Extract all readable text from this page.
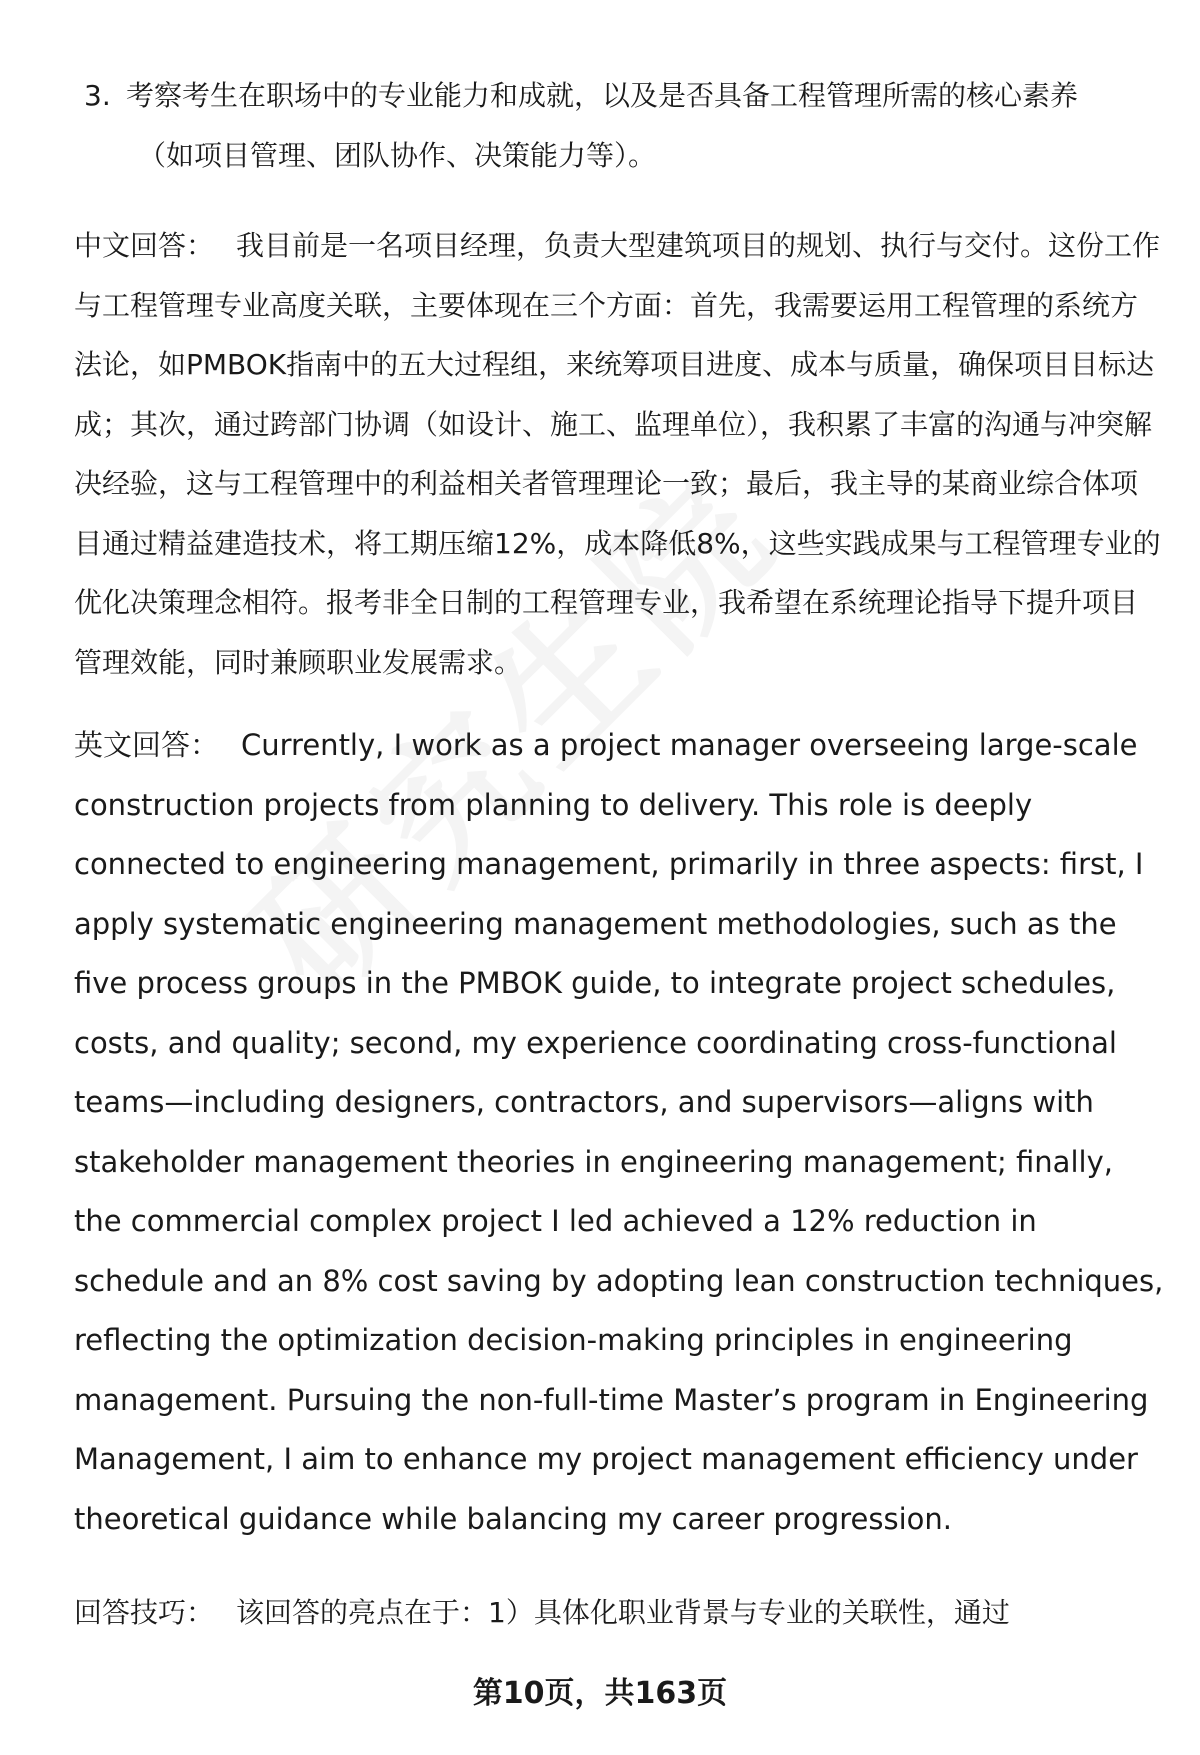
3. 考察考生在职场中的专业能力和成就，以及是否具备工程管理所需的核心素养
（如项目管理、团队协作、决策能力等）。

中文回答： 我目前是一名项目经理，负责大型建筑项目的规划、执行与交付。这份工作与工程管理专业高度关联，主要体现在三个方面：首先，我需要运用工程管理的系统方法论，如PMBOK指南中的五大过程组，来统筹项目进度、成本与质量，确保项目目标达成；其次，通过跨部门协调（如设计、施工、监理单位），我积累了丰富的沟通与冲突解决经验，这与工程管理中的利益相关者管理理论一致；最后，我主导的某商业综合体项目通过精益建造技术，将工期压缩12%，成本降低8%，这些实践成果与工程管理专业的优化决策理念相符。报考非全日制的工程管理专业，我希望在系统理论指导下提升项目管理效能，同时兼顾职业发展需求。

英文回答： Currently, I work as a project manager overseeing large-scale construction projects from planning to delivery. This role is deeply connected to engineering management, primarily in three aspects: first, I apply systematic engineering management methodologies, such as the five process groups in the PMBOK guide, to integrate project schedules, costs, and quality; second, my experience coordinating cross-functional teams—including designers, contractors, and supervisors—aligns with stakeholder management theories in engineering management; finally, the commercial complex project I led achieved a 12% reduction in schedule and an 8% cost saving by adopting lean construction techniques, reflecting the optimization decision-making principles in engineering management. Pursuing the non-full-time Master’s program in Engineering Management, I aim to enhance my project management efficiency under theoretical guidance while balancing my career progression.

回答技巧： 该回答的亮点在于：1）具体化职业背景与专业的关联性，通过

第10页，共163页
